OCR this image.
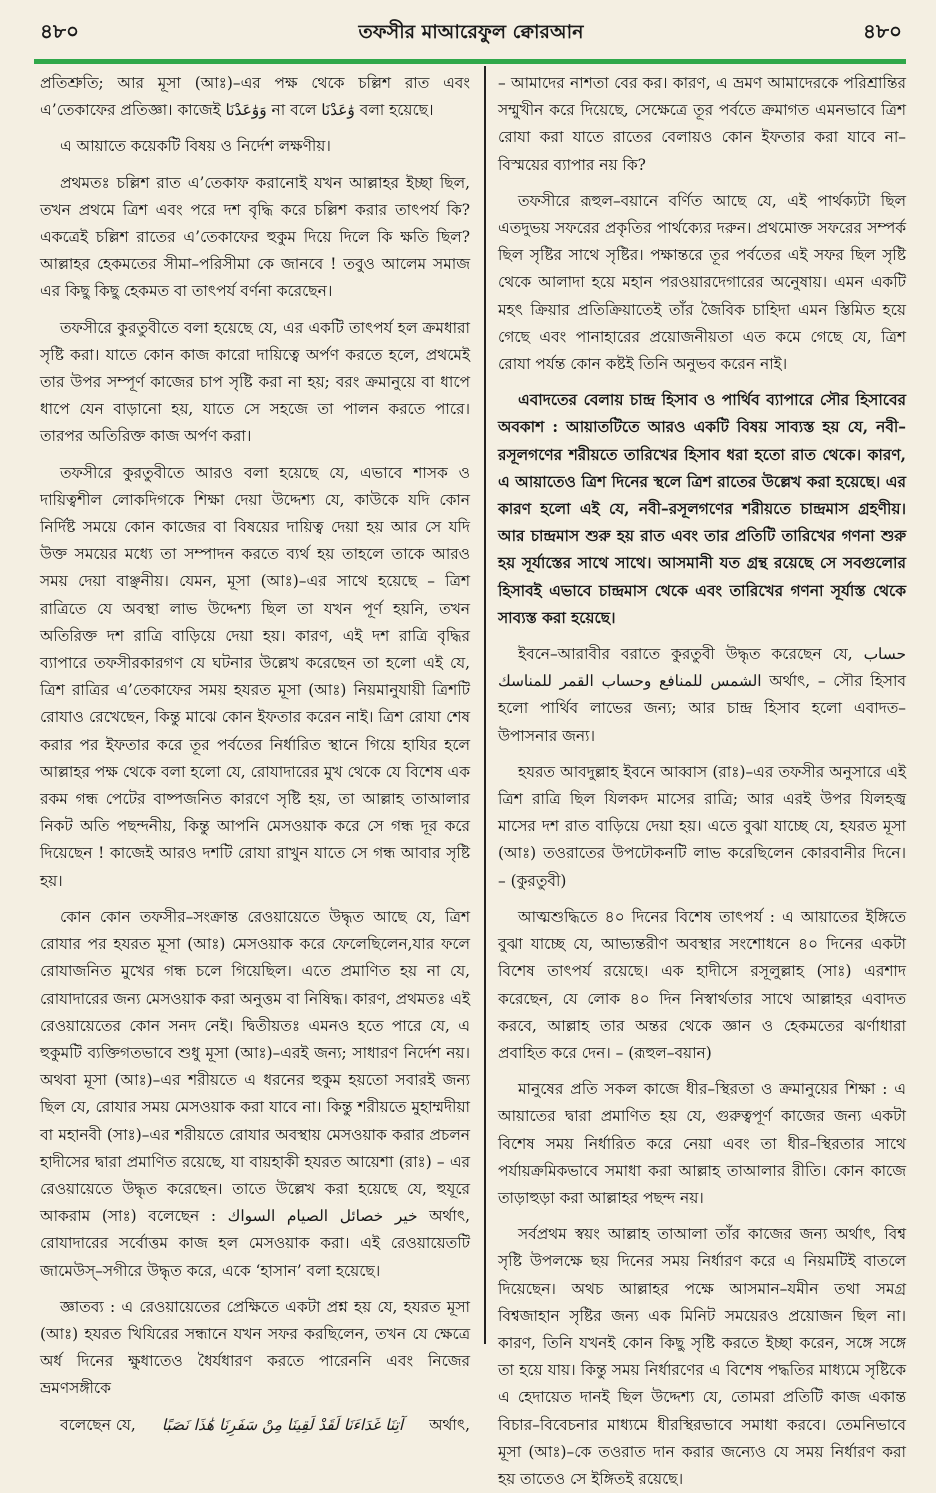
৪৮০	তফসীর মাআরেফুল ক্বোরআন	৪৮০

প্রতিশ্রুতি; আর মূসা (আঃ)–এর পক্ষ থেকে চল্লিশ রাত এবং এ’তেকাফের প্রতিজ্ঞা। কাজেই وَوَٰعَدْنَا না বলে وَٰعَدْنَا বলা হয়েছে।

এ আয়াতে কয়েকটি বিষয় ও নির্দেশ লক্ষণীয়।

প্রথমতঃ চল্লিশ রাত এ’তেকাফ করানোই যখন আল্লাহর ইচ্ছা ছিল, তখন প্রথমে ত্রিশ এবং পরে দশ বৃদ্ধি করে চল্লিশ করার তাৎপর্য কি? একত্রেই চল্লিশ রাতের এ’তেকাফের হুকুম দিয়ে দিলে কি ক্ষতি ছিল? আল্লাহর হেকমতের সীমা–পরিসীমা কে জানবে ! তবুও আলেম সমাজ এর কিছু কিছু হেকমত বা তাৎপর্য বর্ণনা করেছেন।

তফসীরে কুরতুবীতে বলা হয়েছে যে, এর একটি তাৎপর্য হল ক্রমধারা সৃষ্টি করা। যাতে কোন কাজ কারো দায়িত্বে অর্পণ করতে হলে, প্রথমেই তার উপর সম্পূর্ণ কাজের চাপ সৃষ্টি করা না হয়; বরং ক্রমানুয়ে বা ধাপে ধাপে যেন বাড়ানো হয়, যাতে সে সহজে তা পালন করতে পারে। তারপর অতিরিক্ত কাজ অর্পণ করা।

তফসীরে কুরতুবীতে আরও বলা হয়েছে যে, এভাবে শাসক ও দায়িত্বশীল লোকদিগকে শিক্ষা দেয়া উদ্দেশ্য যে, কাউকে যদি কোন নির্দিষ্ট সময়ে কোন কাজের বা বিষয়ের দায়িত্ব দেয়া হয় আর সে যদি উক্ত সময়ের মধ্যে তা সম্পাদন করতে ব্যর্থ হয় তাহলে তাকে আরও সময় দেয়া বাঞ্ছনীয়। যেমন, মূসা (আঃ)–এর সাথে হয়েছে – ত্রিশ রাত্রিতে যে অবস্থা লাভ উদ্দেশ্য ছিল তা যখন পূর্ণ হয়নি, তখন অতিরিক্ত দশ রাত্রি বাড়িয়ে দেয়া হয়। কারণ, এই দশ রাত্রি বৃদ্ধির ব্যাপারে তফসীরকারগণ যে ঘটনার উল্লেখ করেছেন তা হলো এই যে, ত্রিশ রাত্রির এ’তেকাফের সময় হযরত মূসা (আঃ) নিয়মানুযায়ী ত্রিশটি রোযাও রেখেছেন, কিন্তু মাঝে কোন ইফতার করেন নাই। ত্রিশ রোযা শেষ করার পর ইফতার করে তূর পর্বতের নির্ধারিত স্থানে গিয়ে হাযির হলে আল্লাহর পক্ষ থেকে বলা হলো যে, রোযাদারের মুখ থেকে যে বিশেষ এক রকম গন্ধ পেটের বাষ্পজনিত কারণে সৃষ্টি হয়, তা আল্লাহ তাআলার নিকট অতি পছন্দনীয়, কিন্তু আপনি মেসওয়াক করে সে গন্ধ দূর করে দিয়েছেন ! কাজেই আরও দশটি রোযা রাখুন যাতে সে গন্ধ আবার সৃষ্টি হয়।

কোন কোন তফসীর–সংক্রান্ত রেওয়ায়েতে উদ্ধৃত আছে যে, ত্রিশ রোযার পর হযরত মূসা (আঃ) মেসওয়াক করে ফেলেছিলেন,যার ফলে রোযাজনিত মুখের গন্ধ চলে গিয়েছিল। এতে প্রমাণিত হয় না যে, রোযাদারের জন্য মেসওয়াক করা অনুত্তম বা নিষিদ্ধ। কারণ, প্রথমতঃ এই রেওয়ায়েতের কোন সনদ নেই। দ্বিতীয়তঃ এমনও হতে পারে যে, এ হুকুমটি ব্যক্তিগতভাবে শুধু মূসা (আঃ)–এরই জন্য; সাধারণ নির্দেশ নয়। অথবা মূসা (আঃ)–এর শরীয়তে এ ধরনের হুকুম হয়তো সবারই জন্য ছিল যে, রোযার সময় মেসওয়াক করা যাবে না। কিন্তু শরীয়তে মুহাম্মদীয়া বা মহানবী (সাঃ)–এর শরীয়তে রোযার অবস্থায় মেসওয়াক করার প্রচলন হাদীসের দ্বারা প্রমাণিত রয়েছে, যা বায়হাকী হযরত আয়েশা (রাঃ) – এর রেওয়ায়েতে উদ্ধৃত করেছেন। তাতে উল্লেখ করা হয়েছে যে, হুযূরে আকরাম (সাঃ) বলেছেন : خير خصائل الصيام السواك অর্থাৎ, রোযাদারের সর্বোত্তম কাজ হল মেসওয়াক করা। এই রেওয়ায়েতটি জামেউস্‌–সগীরে উদ্ধৃত করে, একে ‘হাসান’ বলা হয়েছে।

জ্ঞাতব্য : এ রেওয়ায়েতের প্রেক্ষিতে একটা প্রশ্ন হয় যে, হযরত মূসা (আঃ) হযরত খিযিরের সন্ধানে যখন সফর করছিলেন, তখন যে ক্ষেত্রে অর্ধ দিনের ক্ষুধাতেও ধৈর্যধারণ করতে পারেননি এবং নিজের ভ্রমণসঙ্গীকে

বলেছেন যে,	آتِنَا غَدَاءَنَا لَقَدْ لَقِينَا مِنْ سَفَرِنَا هَٰذَا نَصَبًا	অর্থাৎ,

– আমাদের নাশতা বের কর। কারণ, এ ভ্রমণ আমাদেরকে পরিশ্রান্তির সম্মুখীন করে দিয়েছে, সেক্ষেত্রে তূর পর্বতে ক্রমাগত এমনভাবে ত্রিশ রোযা করা যাতে রাতের বেলায়ও কোন ইফতার করা যাবে না–বিস্ময়ের ব্যাপার নয় কি?

তফসীরে রূহুল–বয়ানে বর্ণিত আছে যে, এই পার্থক্যটা ছিল এতদুভয় সফরের প্রকৃতির পার্থক্যের দরুন। প্রথমোক্ত সফরের সম্পর্ক ছিল সৃষ্টির সাথে সৃষ্টির। পক্ষান্তরে তূর পর্বতের এই সফর ছিল সৃষ্টি থেকে আলাদা হয়ে মহান পরওয়ারদেগারের অনুেষায়। এমন একটি মহৎ ক্রিয়ার প্রতিক্রিয়াতেই তাঁর জৈবিক চাহিদা এমন স্তিমিত হয়ে গেছে এবং পানাহারের প্রয়োজনীয়তা এত কমে গেছে যে, ত্রিশ রোযা পর্যন্ত কোন কষ্টই তিনি অনুভব করেন নাই।

এবাদতের বেলায় চান্দ্র হিসাব ও পার্থিব ব্যাপারে সৌর হিসাবের অবকাশ : আয়াতটিতে আরও একটি বিষয় সাব্যস্ত হয় যে, নবী–রসূলগণের শরীয়তে তারিখের হিসাব ধরা হতো রাত থেকে। কারণ, এ আয়াতেও ত্রিশ দিনের স্থলে ত্রিশ রাতের উল্লেখ করা হয়েছে। এর কারণ হলো এই যে, নবী–রসূলগণের শরীয়তে চান্দ্রমাস গ্রহণীয়। আর চান্দ্রমাস শুরু হয় রাত এবং তার প্রতিটি তারিখের গণনা শুরু হয় সূর্যাস্তের সাথে সাথে। আসমানী যত গ্রন্থ রয়েছে সে সবগুলোর হিসাবই এভাবে চান্দ্রমাস থেকে এবং তারিখের গণনা সূর্যাস্ত থেকে সাব্যস্ত করা হয়েছে।

ইবনে–আরাবীর বরাতে কুরতুবী উদ্ধৃত করেছেন যে, حساب الشمس للمنافع وحساب القمر للمناسك অর্থাৎ, – সৌর হিসাব হলো পার্থিব লাভের জন্য; আর চান্দ্র হিসাব হলো এবাদত–উপাসনার জন্য।

হযরত আবদুল্লাহ ইবনে আব্বাস (রাঃ)–এর তফসীর অনুসারে এই ত্রিশ রাত্রি ছিল যিলকদ মাসের রাত্রি; আর এরই উপর যিলহজ্ব মাসের দশ রাত বাড়িয়ে দেয়া হয়। এতে বুঝা যাচ্ছে যে, হযরত মূসা (আঃ) তওরাতের উপঢৌকনটি লাভ করেছিলেন কোরবানীর দিনে। – (কুরতুবী)

আত্মশুদ্ধিতে ৪০ দিনের বিশেষ তাৎপর্য : এ আয়াতের ইঙ্গিতে বুঝা যাচ্ছে যে, আভ্যন্তরীণ অবস্থার সংশোধনে ৪০ দিনের একটা বিশেষ তাৎপর্য রয়েছে। এক হাদীসে রসূলুল্লাহ (সাঃ) এরশাদ করেছেন, যে লোক ৪০ দিন নিস্বার্থতার সাথে আল্লাহর এবাদত করবে, আল্লাহ তার অন্তর থেকে জ্ঞান ও হেকমতের ঝর্ণাধারা প্রবাহিত করে দেন। – (রূহুল–বয়ান)

মানুষের প্রতি সকল কাজে ধীর–স্থিরতা ও ক্রমানুয়ের শিক্ষা : এ আয়াতের দ্বারা প্রমাণিত হয় যে, গুরুত্বপূর্ণ কাজের জন্য একটা বিশেষ সময় নির্ধারিত করে নেয়া এবং তা ধীর–স্থিরতার সাথে পর্যায়ক্রমিকভাবে সমাধা করা আল্লাহ তাআলার রীতি। কোন কাজে তাড়াহুড়া করা আল্লাহর পছন্দ নয়।

সর্বপ্রথম স্বয়ং আল্লাহ তাআলা তাঁর কাজের জন্য অর্থাৎ, বিশ্ব সৃষ্টি উপলক্ষে ছয় দিনের সময় নির্ধারণ করে এ নিয়মটিই বাতলে দিয়েছেন। অথচ আল্লাহর পক্ষে আসমান–যমীন তথা সমগ্র বিশ্বজাহান সৃষ্টির জন্য এক মিনিট সময়েরও প্রয়োজন ছিল না। কারণ, তিনি যখনই কোন কিছু সৃষ্টি করতে ইচ্ছা করেন, সঙ্গে সঙ্গে তা হয়ে যায়। কিন্তু সময় নির্ধারণের এ বিশেষ পদ্ধতির মাধ্যমে সৃষ্টিকে এ হেদায়েত দানই ছিল উদ্দেশ্য যে, তোমরা প্রতিটি কাজ একান্ত বিচার–বিবেচনার মাধ্যমে ধীরস্থিরভাবে সমাধা করবে। তেমনিভাবে মূসা (আঃ)–কে তওরাত দান করার জন্যেও যে সময় নির্ধারণ করা হয় তাতেও সে ইঙ্গিতই রয়েছে।
